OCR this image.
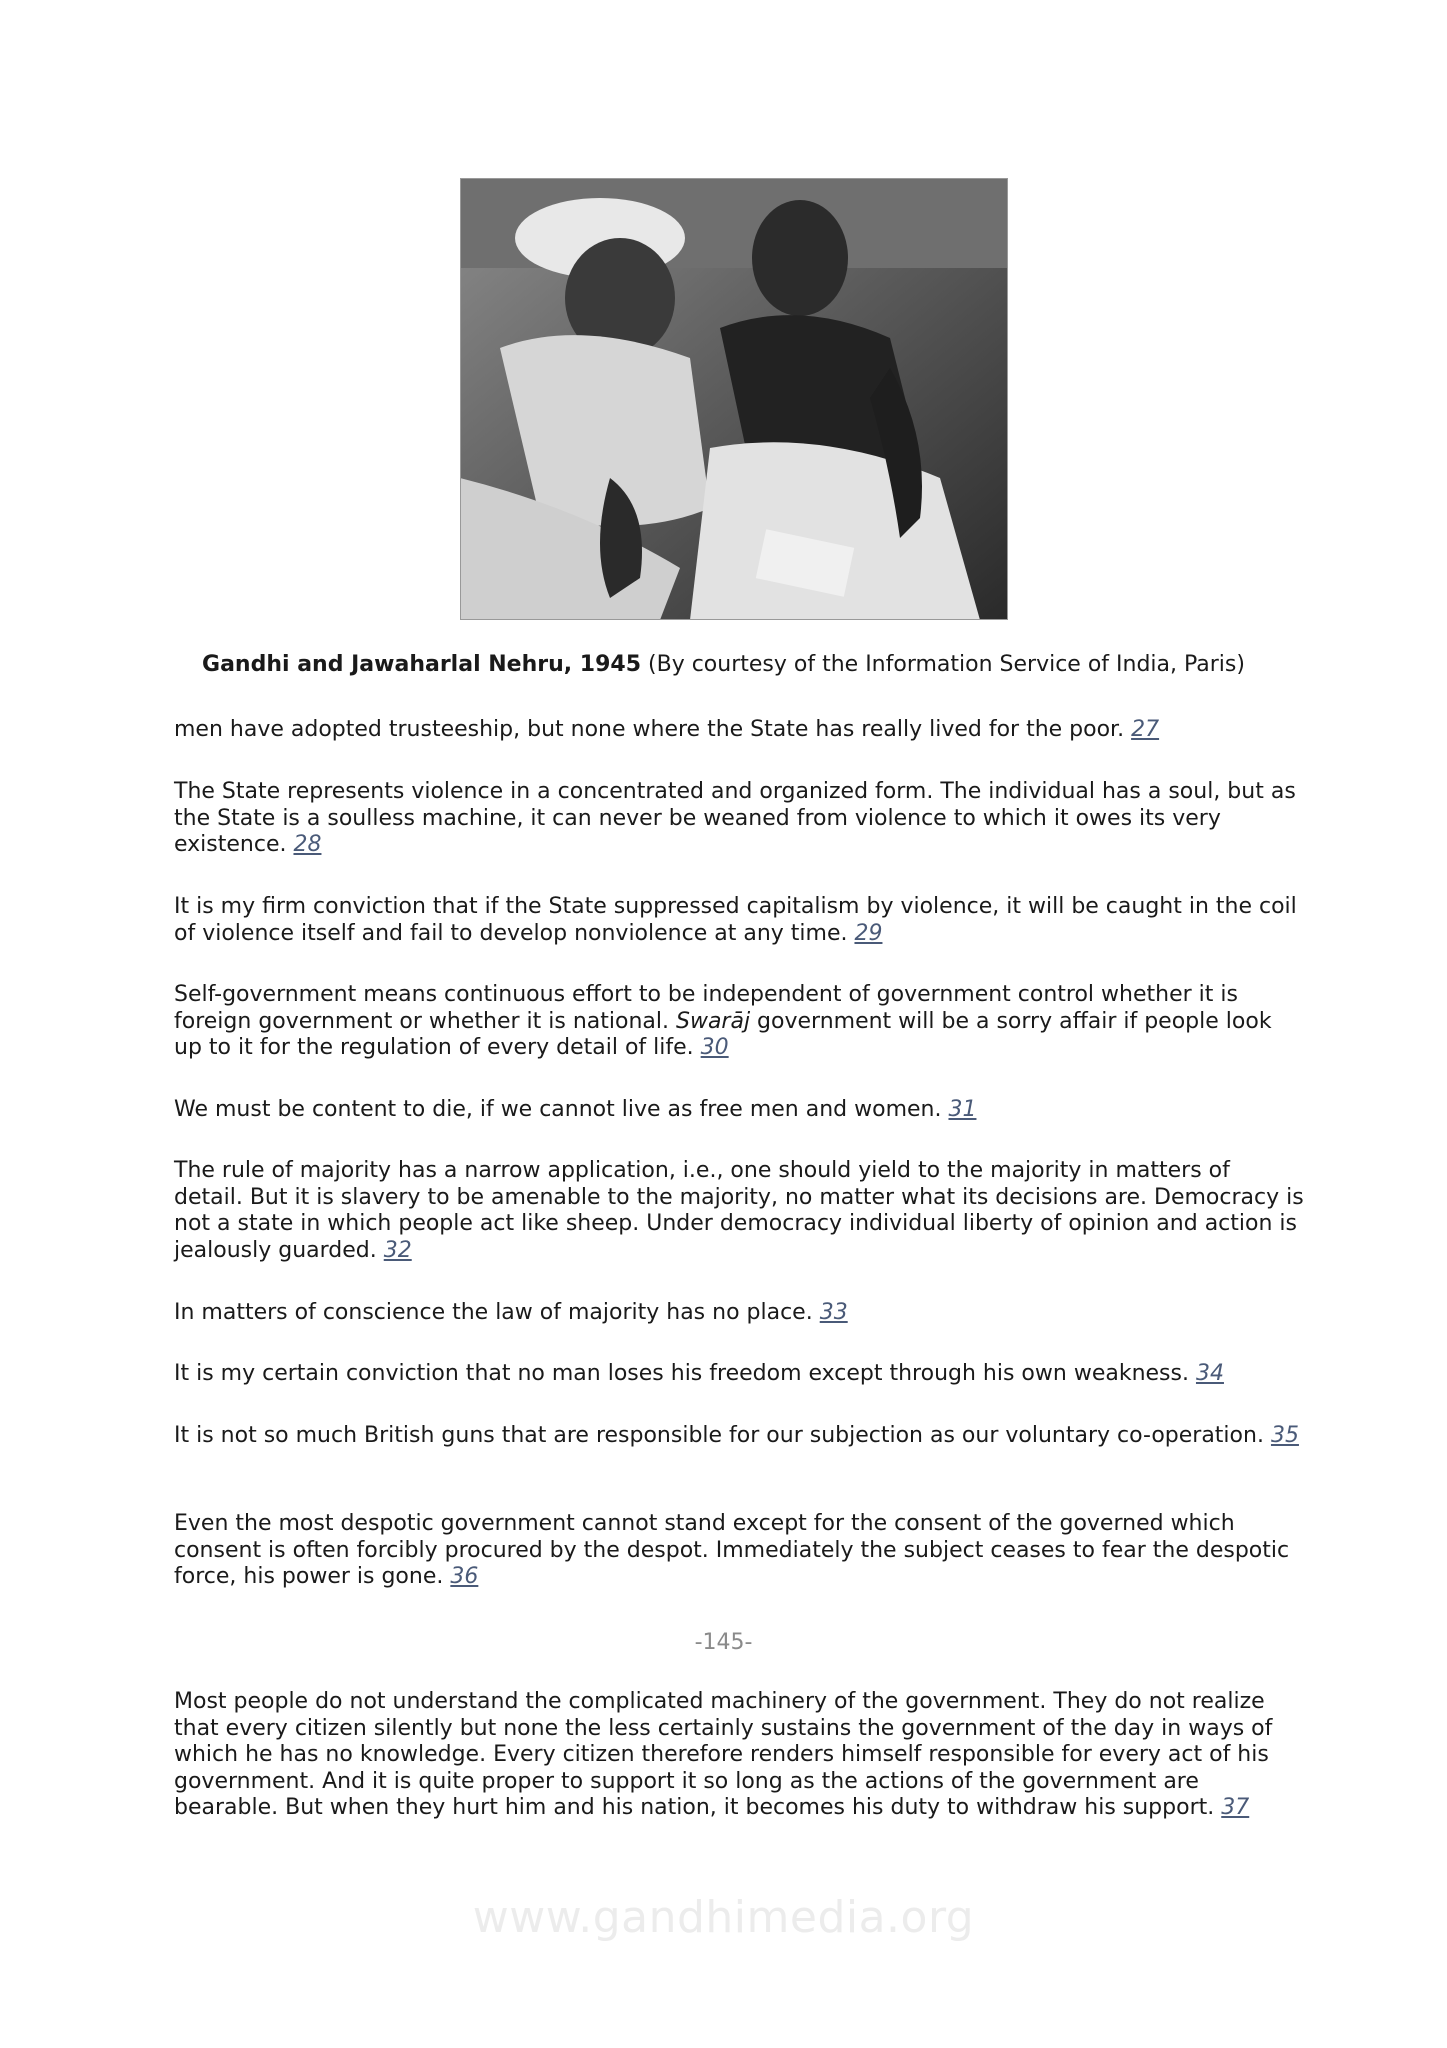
Gandhi and Jawaharlal Nehru, 1945 (By courtesy of the Information Service of India, Paris)

men have adopted trusteeship, but none where the State has really lived for the poor. 27

The State represents violence in a concentrated and organized form. The individual has a soul, but as the State is a soulless machine, it can never be weaned from violence to which it owes its very existence. 28

It is my firm conviction that if the State suppressed capitalism by violence, it will be caught in the coil of violence itself and fail to develop nonviolence at any time. 29

Self-government means continuous effort to be independent of government control whether it is foreign government or whether it is national. Swarāj government will be a sorry affair if people look up to it for the regulation of every detail of life. 30

We must be content to die, if we cannot live as free men and women. 31

The rule of majority has a narrow application, i.e., one should yield to the majority in matters of detail. But it is slavery to be amenable to the majority, no matter what its decisions are. Democracy is not a state in which people act like sheep. Under democracy individual liberty of opinion and action is jealously guarded. 32

In matters of conscience the law of majority has no place. 33

It is my certain conviction that no man loses his freedom except through his own weakness. 34

It is not so much British guns that are responsible for our subjection as our voluntary co-operation. 35

Even the most despotic government cannot stand except for the consent of the governed which consent is often forcibly procured by the despot. Immediately the subject ceases to fear the despotic force, his power is gone. 36

-145-

Most people do not understand the complicated machinery of the government. They do not realize that every citizen silently but none the less certainly sustains the government of the day in ways of which he has no knowledge. Every citizen therefore renders himself responsible for every act of his government. And it is quite proper to support it so long as the actions of the government are bearable. But when they hurt him and his nation, it becomes his duty to withdraw his support. 37

www.gandhimedia.org
